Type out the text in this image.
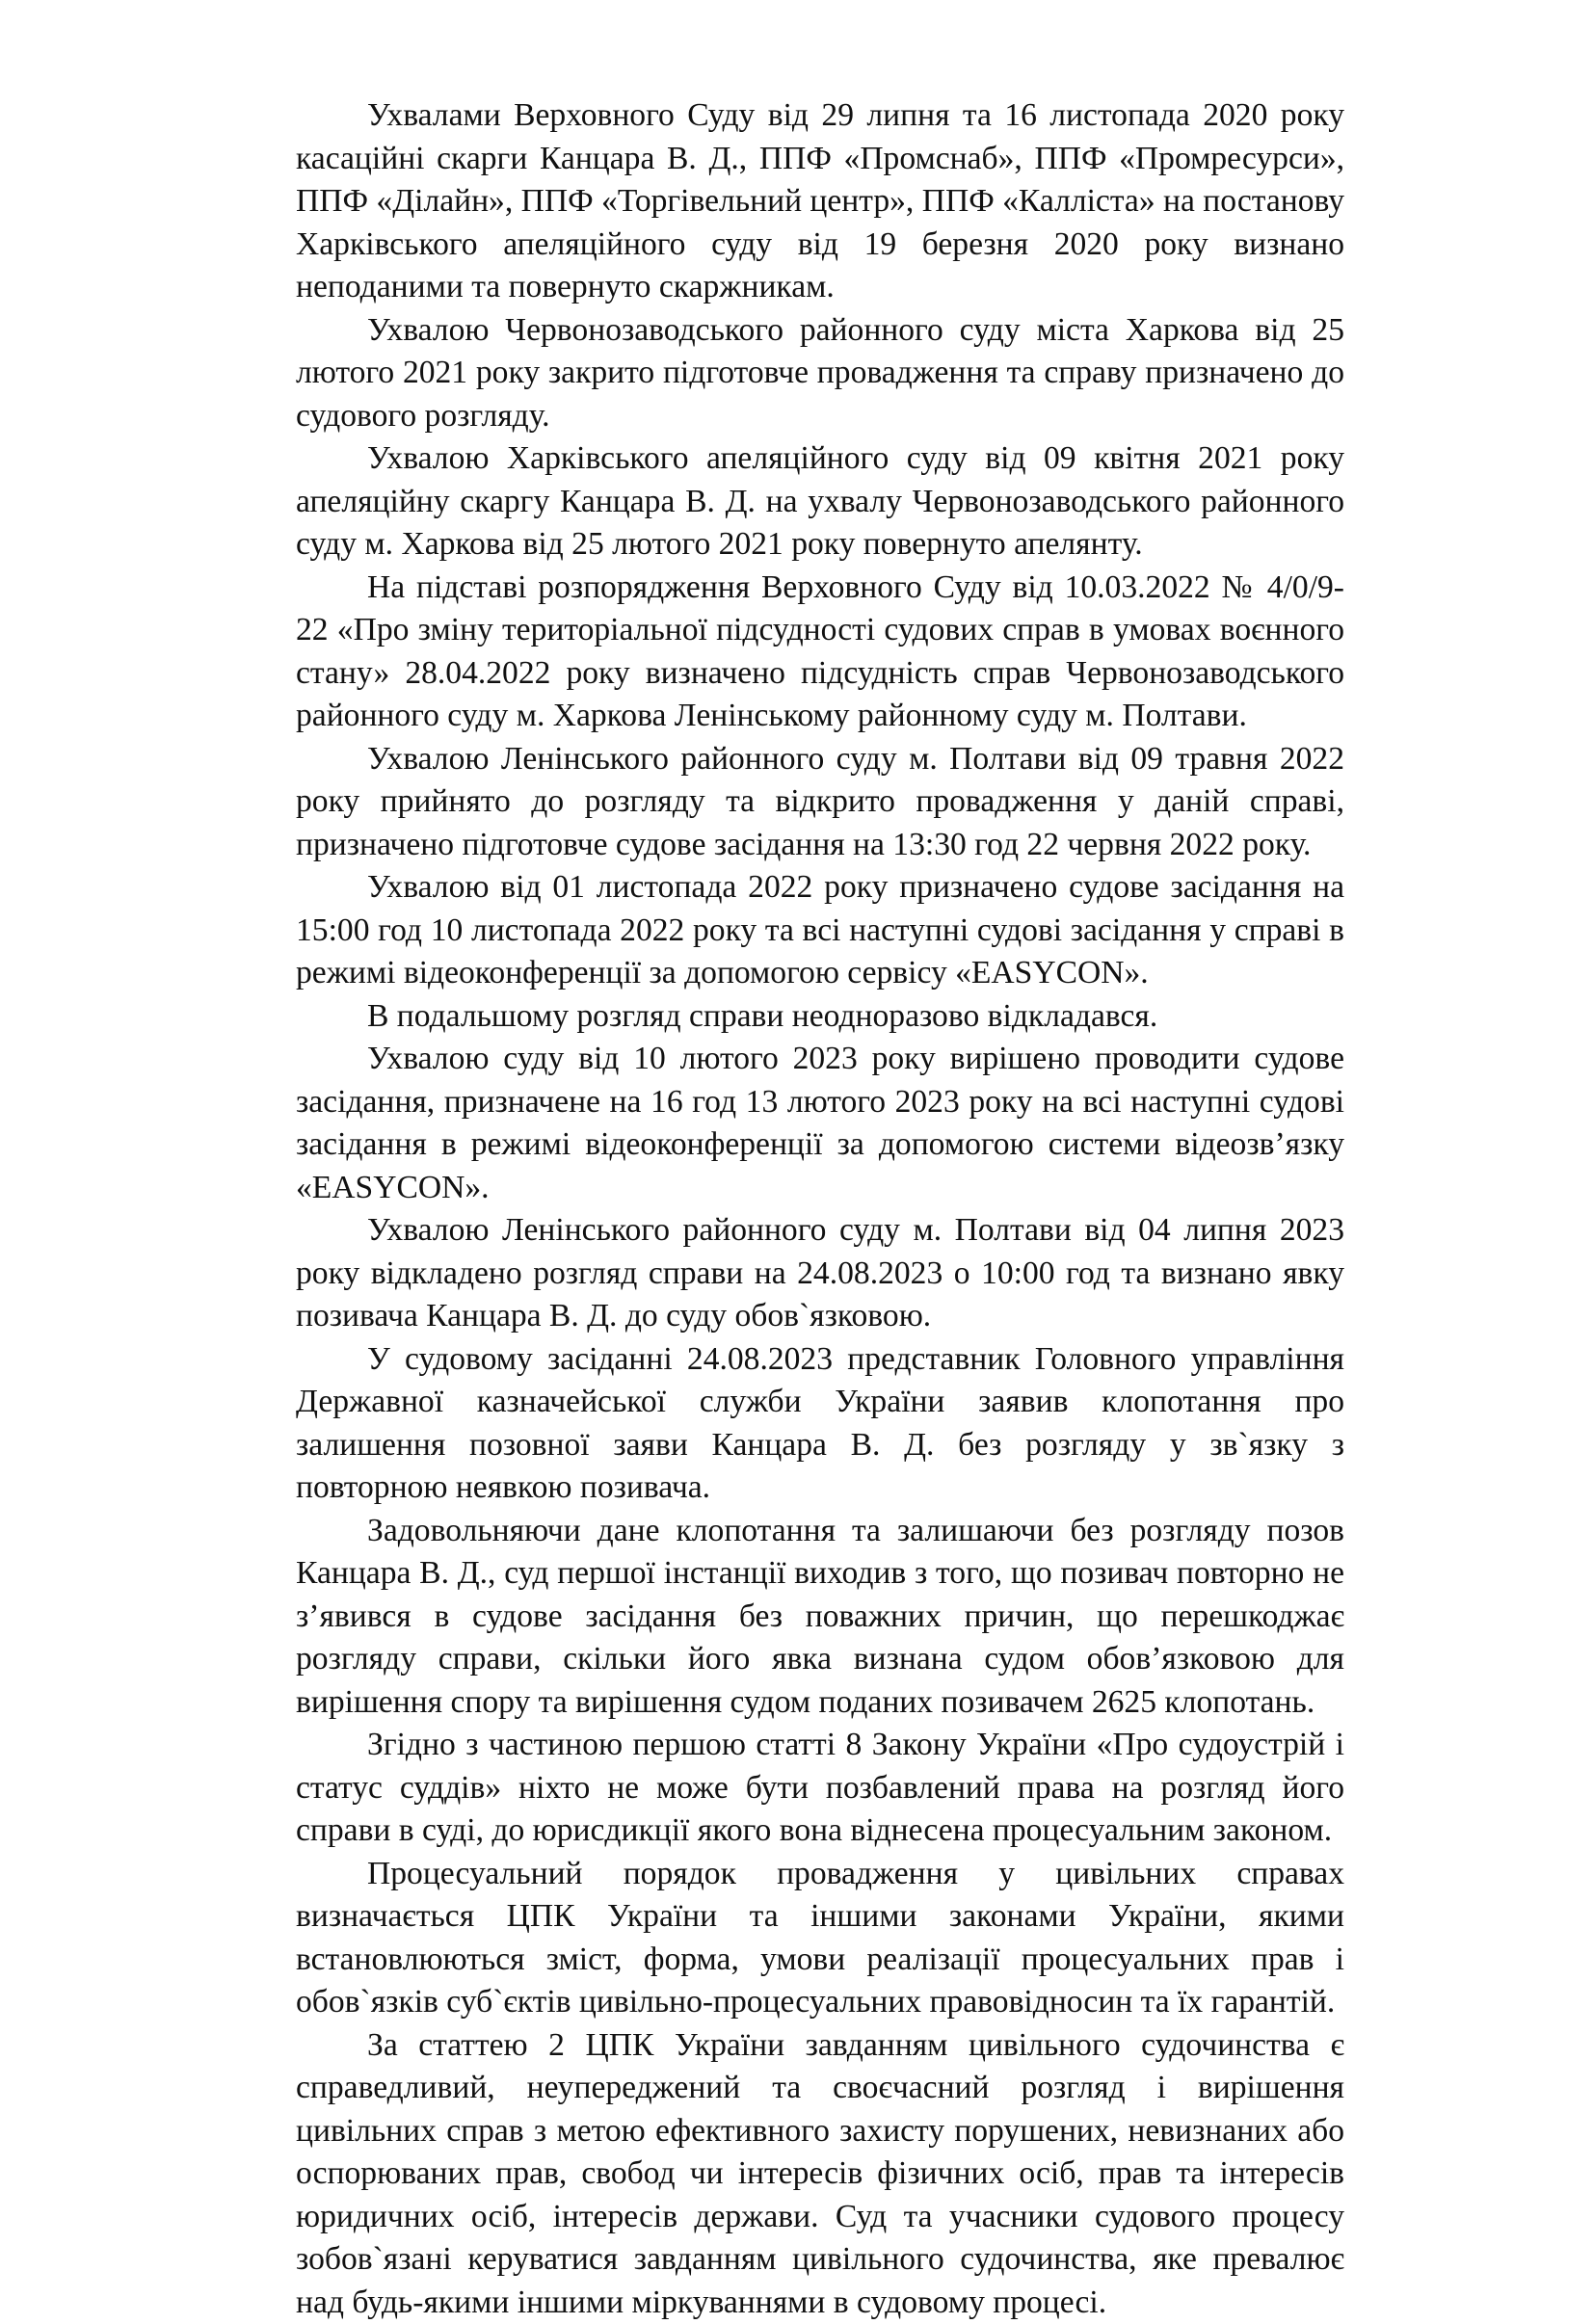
Ухвалами Верховного Суду від 29 липня та 16 листопада 2020 року касаційні скарги Канцара В. Д., ППФ «Промснаб», ППФ «Промресурси», ППФ «Ділайн», ППФ «Торгівельний центр», ППФ «Калліста» на постанову Харківського апеляційного суду від 19 березня 2020 року визнано неподаними та повернуто скаржникам.

Ухвалою Червонозаводського районного суду міста Харкова від 25 лютого 2021 року закрито підготовче провадження та справу призначено до судового розгляду.

Ухвалою Харківського апеляційного суду від 09 квітня 2021 року апеляційну скаргу Канцара В. Д. на ухвалу Червонозаводського районного суду м. Харкова від 25 лютого 2021 року повернуто апелянту.

На підставі розпорядження Верховного Суду від 10.03.2022 № 4/0/9-22 «Про зміну територіальної підсудності судових справ в умовах воєнного стану» 28.04.2022 року визначено підсудність справ Червонозаводського районного суду м. Харкова Ленінському районному суду м. Полтави.

Ухвалою Ленінського районного суду м. Полтави від 09 травня 2022 року прийнято до розгляду та відкрито провадження у даній справі, призначено підготовче судове засідання на 13:30 год 22 червня 2022 року.

Ухвалою від 01 листопада 2022 року призначено судове засідання на 15:00 год 10 листопада 2022 року та всі наступні судові засідання у справі в режимі відеоконференції за допомогою сервісу «EASYCON».

В подальшому розгляд справи неодноразово відкладався.

Ухвалою суду від 10 лютого 2023 року вирішено проводити судове засідання, призначене на 16 год 13 лютого 2023 року на всі наступні судові засідання в режимі відеоконференції за допомогою системи відеозв’язку «EASYCON».

Ухвалою Ленінського районного суду м. Полтави від 04 липня 2023 року відкладено розгляд справи на 24.08.2023 о 10:00 год та визнано явку позивача Канцара В. Д. до суду обов`язковою.

У судовому засіданні 24.08.2023 представник Головного управління Державної казначейської служби України заявив клопотання про залишення позовної заяви Канцара В. Д. без розгляду у зв`язку з повторною неявкою позивача.

Задовольняючи дане клопотання та залишаючи без розгляду позов Канцара В. Д., суд першої інстанції виходив з того, що позивач повторно не з’явився в судове засідання без поважних причин, що перешкоджає розгляду справи, скільки його явка визнана судом обов’язковою для вирішення спору та вирішення судом поданих позивачем 2625 клопотань.

Згідно з частиною першою статті 8 Закону України «Про судоустрій і статус суддів» ніхто не може бути позбавлений права на розгляд його справи в суді, до юрисдикції якого вона віднесена процесуальним законом.

Процесуальний порядок провадження у цивільних справах визначається ЦПК України та іншими законами України, якими встановлюються зміст, форма, умови реалізації процесуальних прав і обов`язків суб`єктів цивільно-процесуальних правовідносин та їх гарантій.

За статтею 2 ЦПК України завданням цивільного судочинства є справедливий, неупереджений та своєчасний розгляд і вирішення цивільних справ з метою ефективного захисту порушених, невизнаних або оспорюваних прав, свобод чи інтересів фізичних осіб, прав та інтересів юридичних осіб, інтересів держави. Суд та учасники судового процесу зобов`язані керуватися завданням цивільного судочинства, яке превалює над будь-якими іншими міркуваннями в судовому процесі.
